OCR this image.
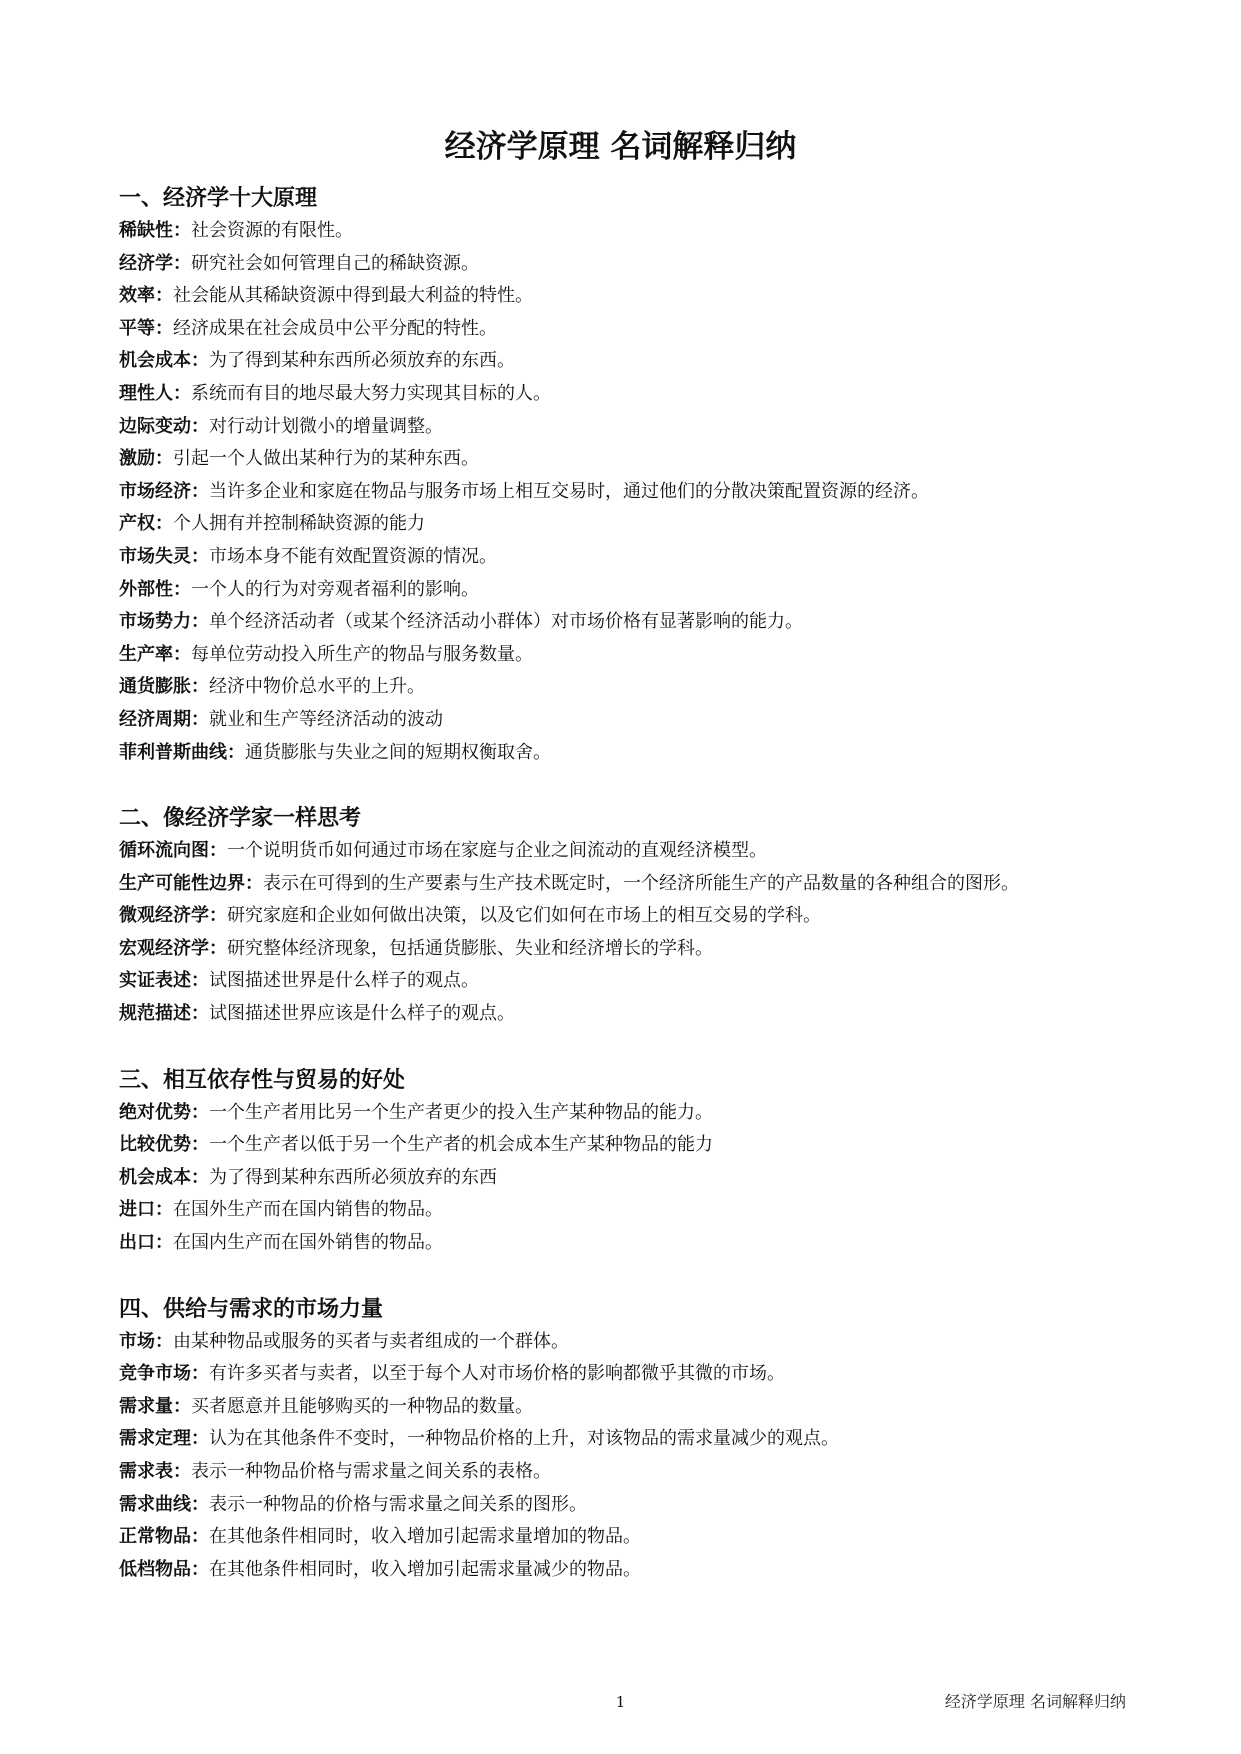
经济学原理 名词解释归纳
一、经济学十大原理

稀缺性：社会资源的有限性。

经济学：研究社会如何管理自己的稀缺资源。

效率：社会能从其稀缺资源中得到最大利益的特性。

平等：经济成果在社会成员中公平分配的特性。

机会成本：为了得到某种东西所必须放弃的东西。

理性人：系统而有目的地尽最大努力实现其目标的人。

边际变动：对行动计划微小的增量调整。

激励：引起一个人做出某种行为的某种东西。

市场经济：当许多企业和家庭在物品与服务市场上相互交易时，通过他们的分散决策配置资源的经济。

产权：个人拥有并控制稀缺资源的能力

市场失灵：市场本身不能有效配置资源的情况。

外部性：一个人的行为对旁观者福利的影响。

市场势力：单个经济活动者（或某个经济活动小群体）对市场价格有显著影响的能力。

生产率：每单位劳动投入所生产的物品与服务数量。

通货膨胀：经济中物价总水平的上升。

经济周期：就业和生产等经济活动的波动

菲利普斯曲线：通货膨胀与失业之间的短期权衡取舍。

二、像经济学家一样思考

循环流向图：一个说明货币如何通过市场在家庭与企业之间流动的直观经济模型。

生产可能性边界：表示在可得到的生产要素与生产技术既定时，一个经济所能生产的产品数量的各种组合的图形。

微观经济学：研究家庭和企业如何做出决策，以及它们如何在市场上的相互交易的学科。

宏观经济学：研究整体经济现象，包括通货膨胀、失业和经济增长的学科。

实证表述：试图描述世界是什么样子的观点。

规范描述：试图描述世界应该是什么样子的观点。

三、相互依存性与贸易的好处

绝对优势：一个生产者用比另一个生产者更少的投入生产某种物品的能力。

比较优势：一个生产者以低于另一个生产者的机会成本生产某种物品的能力

机会成本：为了得到某种东西所必须放弃的东西

进口：在国外生产而在国内销售的物品。

出口：在国内生产而在国外销售的物品。

四、供给与需求的市场力量

市场：由某种物品或服务的买者与卖者组成的一个群体。

竞争市场：有许多买者与卖者，以至于每个人对市场价格的影响都微乎其微的市场。

需求量：买者愿意并且能够购买的一种物品的数量。

需求定理：认为在其他条件不变时，一种物品价格的上升，对该物品的需求量减少的观点。

需求表：表示一种物品价格与需求量之间关系的表格。

需求曲线：表示一种物品的价格与需求量之间关系的图形。

正常物品：在其他条件相同时，收入增加引起需求量增加的物品。

低档物品：在其他条件相同时，收入增加引起需求量减少的物品。

1	经济学原理 名词解释归纳
